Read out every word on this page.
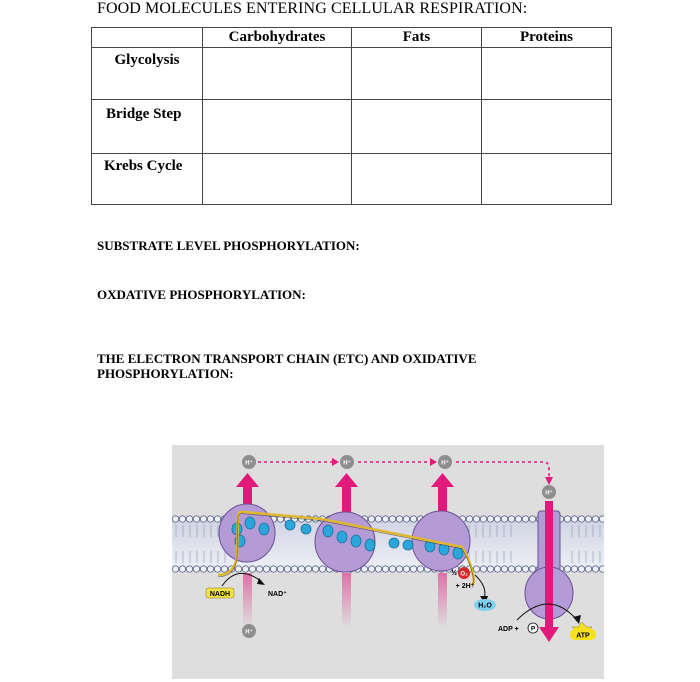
FOOD MOLECULES ENTERING CELLULAR RESPIRATION:
	Carbohydrates	Fats	Proteins
Glycolysis			
Bridge Step			
Krebs Cycle			
SUBSTRATE LEVEL PHOSPHORYLATION:
OXDATIVE PHOSPHORYLATION:
THE ELECTRON TRANSPORT CHAIN (ETC) AND OXIDATIVE
PHOSPHORYLATION:
H⁺	H⁺	H⁺
H⁺
H⁺
NADH	NAD⁺
½ O₂
+ 2H⁺
H₂O
ADP + P
ATP
